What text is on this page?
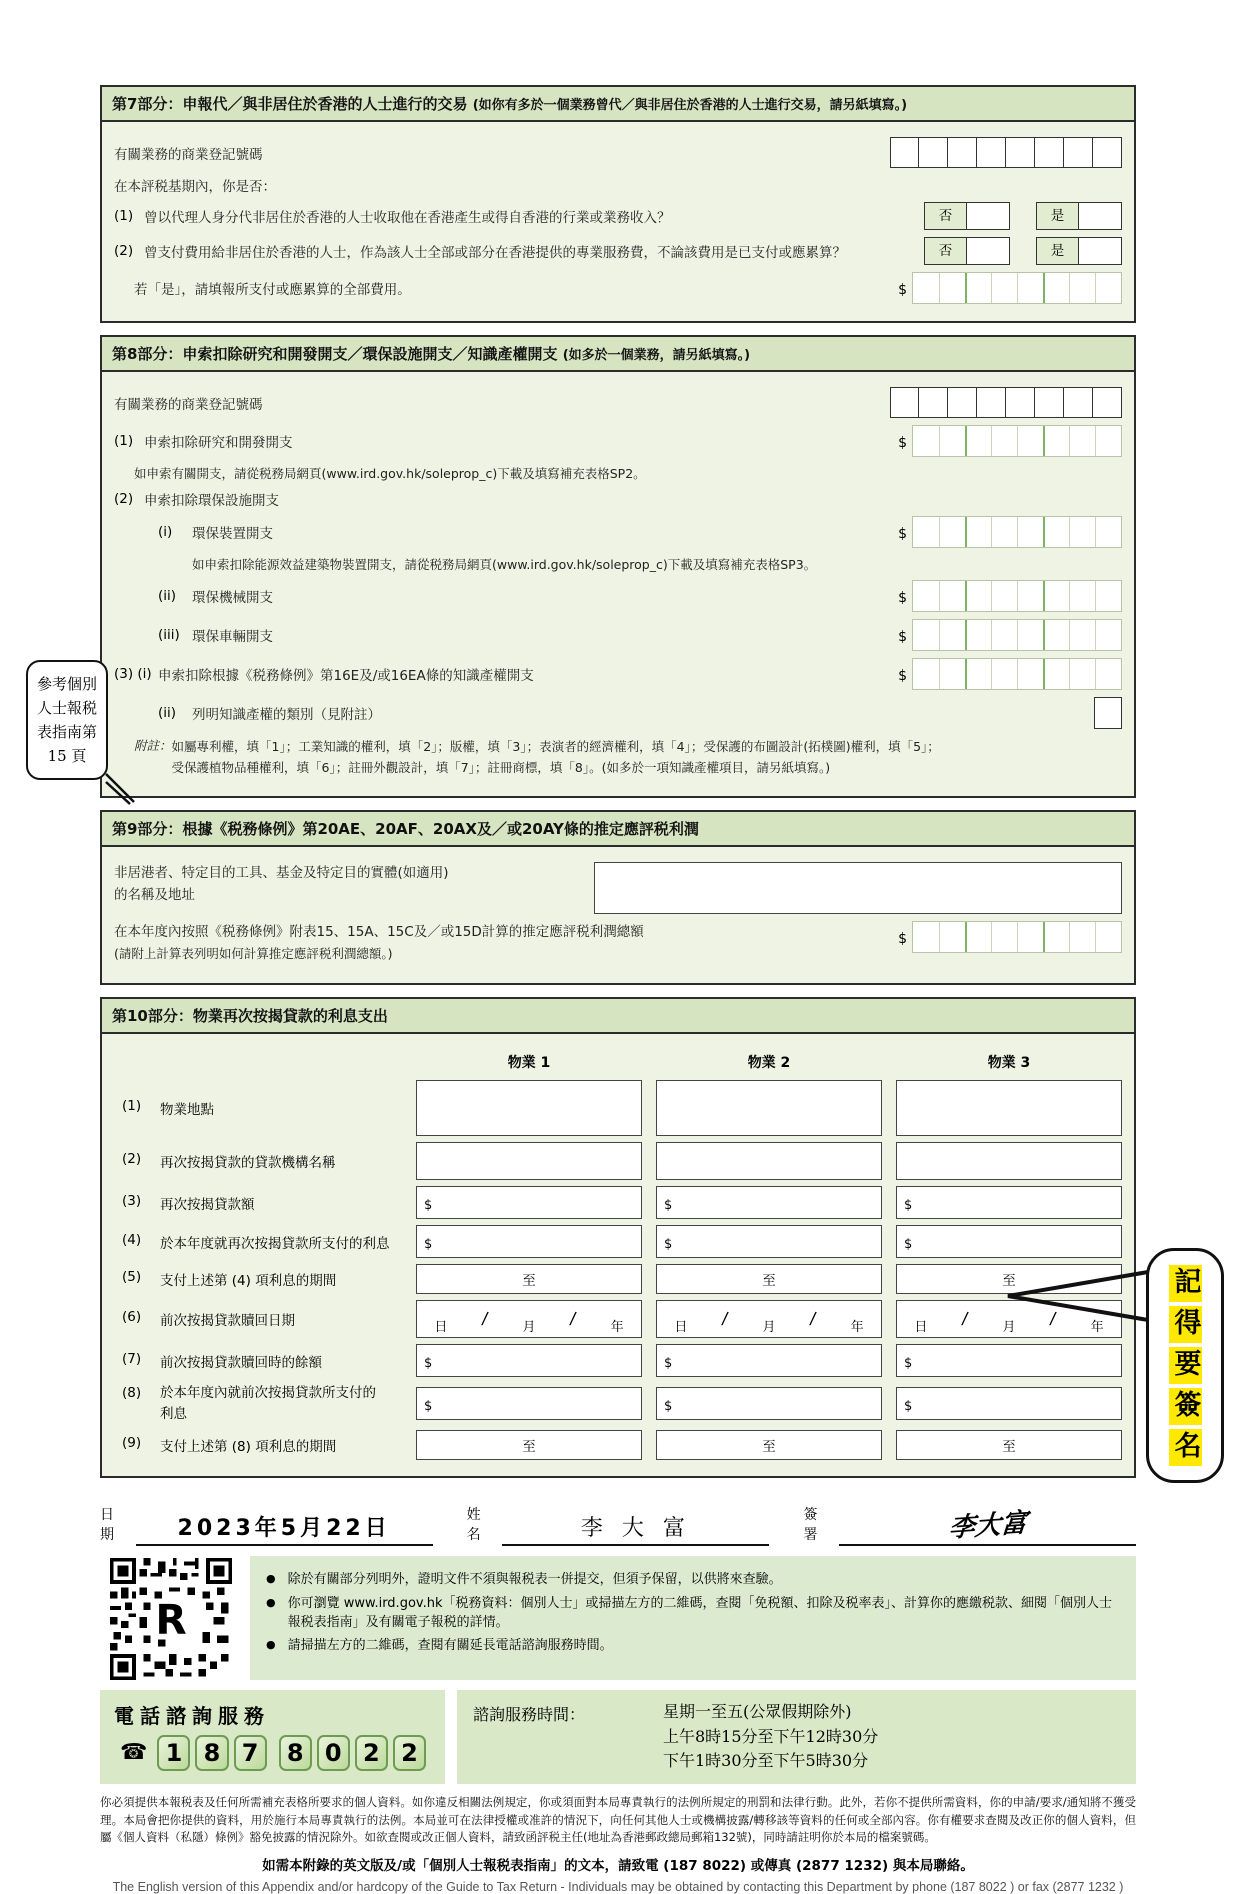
第7部分：申報代／與非居住於香港的人士進行的交易 (如你有多於一個業務曾代／與非居住於香港的人士進行交易，請另紙填寫。)
有關業務的商業登記號碼
在本評税基期內，你是否：
(1) 曾以代理人身分代非居住於香港的人士收取他在香港產生或得自香港的行業或業務收入？	否	是
(2) 曾支付費用給非居住於香港的人士，作為該人士全部或部分在香港提供的專業服務費，不論該費用是已支付或應累算？	否	是
若「是」，請填報所支付或應累算的全部費用。	$
第8部分：申索扣除研究和開發開支／環保設施開支／知識產權開支 (如多於一個業務，請另紙填寫。)
有關業務的商業登記號碼
(1) 申索扣除研究和開發開支	$
如申索有關開支，請從税務局網頁(www.ird.gov.hk/soleprop_c)下載及填寫補充表格SP2。
(2) 申索扣除環保設施開支
(i)	環保裝置開支	$
如申索扣除能源效益建築物裝置開支，請從税務局網頁(www.ird.gov.hk/soleprop_c)下載及填寫補充表格SP3。
(ii)	環保機械開支	$
(iii) 環保車輛開支	$
(3) (i) 申索扣除根據《税務條例》第16E及/或16EA條的知識產權開支	$
(ii)	列明知識產權的類別（見附註）
附註： 如屬專利權，填「1」；工業知識的權利，填「2」；版權，填「3」；表演者的經濟權利，填「4」；受保護的布圖設計(拓樸圖)權利，填「5」；
受保護植物品種權利，填「6」；註冊外觀設計，填「7」；註冊商標，填「8」。(如多於一項知識產權項目，請另紙填寫。)
第9部分：根據《税務條例》第20AE、20AF、20AX及／或20AY條的推定應評税利潤
非居港者、特定目的工具、基金及特定目的實體(如適用)
的名稱及地址
在本年度內按照《税務條例》附表15、15A、15C及／或15D計算的推定應評税利潤總額
(請附上計算表列明如何計算推定應評税利潤總額。)
$
第10部分：物業再次按揭貸款的利息支出
物業 1	物業 2	物業 3
(1)	物業地點
(2)	再次按揭貸款的貸款機構名稱
(3)	再次按揭貸款額	$	$	$
(4)	於本年度就再次按揭貸款所支付的利息	$	$	$
(5)	支付上述第 (4) 項利息的期間	至	至	至
(6)	前次按揭貸款贖回日期	日 /	月 /	年	日 /	月 /	年	日 /	月 /	年
(7)	前次按揭貸款贖回時的餘額	$	$	$
(8)	於本年度內就前次按揭貸款所支付的利息	$	$	$
(9)	支付上述第 (8) 項利息的期間	至	至	至
日期	2023年5月22日
姓名	李 大 富
簽署	李大富
R
● 除於有關部分列明外，證明文件不須與報税表一併提交，但須予保留，以供將來查驗。
● 你可瀏覽 www.ird.gov.hk「税務資料：個別人士」或掃描左方的二維碼，查閱「免税額、扣除及税率表」、計算你的應繳税款、細閱「個別人士報税表指南」及有關電子報税的詳情。
● 請掃描左方的二維碼，查閱有關延長電話諮詢服務時間。
電話諮詢服務
☎ 1 8 7	8 0 2 2
諮詢服務時間：	星期一至五(公眾假期除外)
上午8時15分至下午12時30分
下午1時30分至下午5時30分
你必須提供本報税表及任何所需補充表格所要求的個人資料。如你違反相關法例規定，你或須面對本局專責執行的法例所規定的刑罰和法律行動。此外，若你不提供所需資料，你的申請/要求/通知將不獲受理。本局會把你提供的資料，用於施行本局專責執行的法例。本局並可在法律授權或准許的情況下，向任何其他人士或機構披露/轉移該等資料的任何或全部內容。你有權要求查閱及改正你的個人資料，但屬《個人資料（私隱）條例》豁免披露的情況除外。如欲查閱或改正個人資料，請致函評税主任(地址為香港郵政總局郵箱132號)，同時請註明你於本局的檔案號碼。
如需本附錄的英文版及/或「個別人士報税表指南」的文本，請致電 (187 8022) 或傳真 (2877 1232) 與本局聯絡。
The English version of this Appendix and/or hardcopy of the Guide to Tax Return - Individuals may be obtained by contacting this Department by phone (187 8022 ) or fax (2877 1232 )
參考個別人士報税表指南第 15 頁
記得要簽名
